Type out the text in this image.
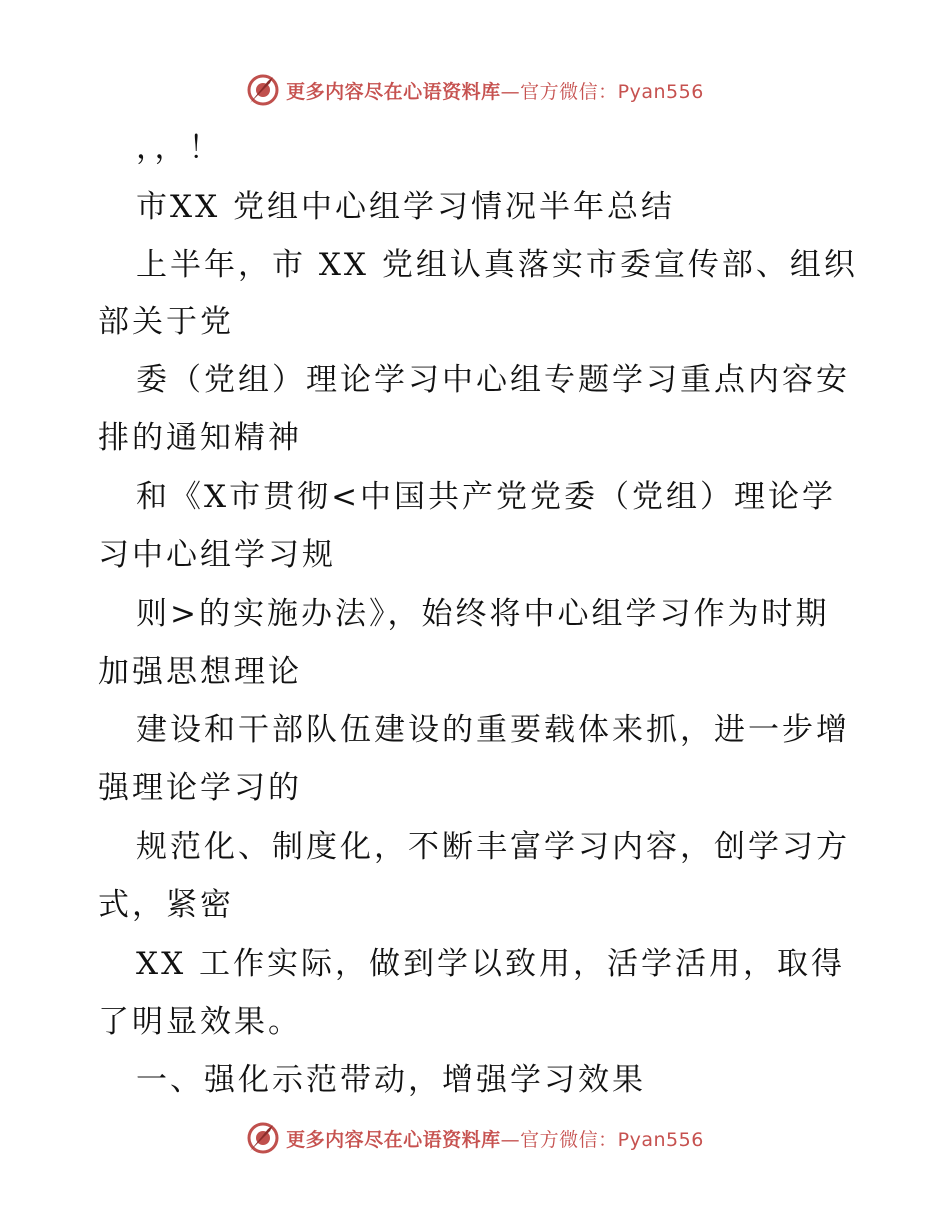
更多内容尽在心语资料库—官方微信：Pyan556
，，！
市XX 党组中心组学习情况半年总结
上半年，市 XX 党组认真落实市委宣传部、组织
部关于党
委（党组）理论学习中心组专题学习重点内容安
排的通知精神
和《X市贯彻<中国共产党党委（党组）理论学
习中心组学习规
则>的实施办法》，始终将中心组学习作为时期
加强思想理论
建设和干部队伍建设的重要载体来抓，进一步增
强理论学习的
规范化、制度化，不断丰富学习内容，创学习方
式，紧密
XX 工作实际，做到学以致用，活学活用，取得
了明显效果。
一、强化示范带动，增强学习效果
更多内容尽在心语资料库—官方微信：Pyan556
